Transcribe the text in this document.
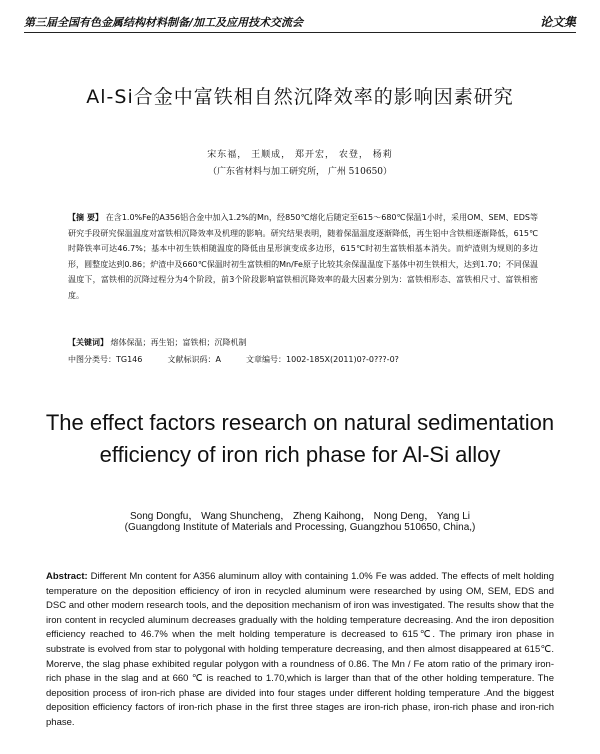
第三届全国有色金属结构材料制备/加工及应用技术交流会	论文集
Al-Si合金中富铁相自然沉降效率的影响因素研究
宋东福， 王顺成， 郑开宏， 农登， 杨莉
（广东省材料与加工研究所， 广州 510650）
【摘 要】 在含1.0%Fe的A356铝合金中加入1.2%的Mn，经850℃熔化后随定至615～680℃保温1小时，采用OM、SEM、EDS等研究手段研究保温温度对富铁相沉降效率及机理的影响。研究结果表明，随着保温温度逐渐降低，再生铝中含铁相逐渐降低，615℃时降铁率可达46.7%；基本中初生铁相随温度的降低由星形演变成多边形，615℃时初生富铁相基本消失。而炉渣则为规则的多边形，圆整度达到0.86；炉渣中及660℃保温时初生富铁相的Mn/Fe原子比较其余保温温度下基体中初生铁相大，达到1.70；不同保温温度下，富铁相的沉降过程分为4个阶段，前3个阶段影响富铁相沉降效率的最大因素分别为：富铁相形态、富铁相尺寸、富铁相密度。
【关键词】 熔体保温；再生铝；富铁相；沉降机制
中图分类号：TG146	文献标识码：A	文章编号：1002-185X(2011)0?-0???-0?
The effect factors research on natural sedimentation
efficiency of iron rich phase for Al-Si alloy
Song Dongfu， Wang Shuncheng， Zheng Kaihong， Nong Deng， Yang Li
(Guangdong Institute of Materials and Processing, Guangzhou 510650, China,)
Abstract: Different Mn content for A356 aluminum alloy with containing 1.0% Fe was added. The effects of melt holding temperature on the deposition efficiency of iron in recycled aluminum were researched by using OM, SEM, EDS and DSC and other modern research tools, and the deposition mechanism of iron was investigated. The results show that the iron content in recycled aluminum decreases gradually with the holding temperature decreasing. And the iron deposition efficiency reached to 46.7% when the melt holding temperature is decreased to 615℃. The primary iron phase in substrate is evolved from star to polygonal with holding temperature decreasing, and then almost disappeared at 615℃. Morerve, the slag phase exhibited regular polygon with a roundness of 0.86. The Mn / Fe atom ratio of the primary iron-rich phase in the slag and at 660 ℃ is reached to 1.70,which is larger than that of the other holding temperature. The deposition process of iron-rich phase are divided into four stages under different holding temperature .And the biggest deposition efficiency factors of iron-rich phase in the first three stages are iron-rich phase, iron-rich phase and iron-rich phase.
